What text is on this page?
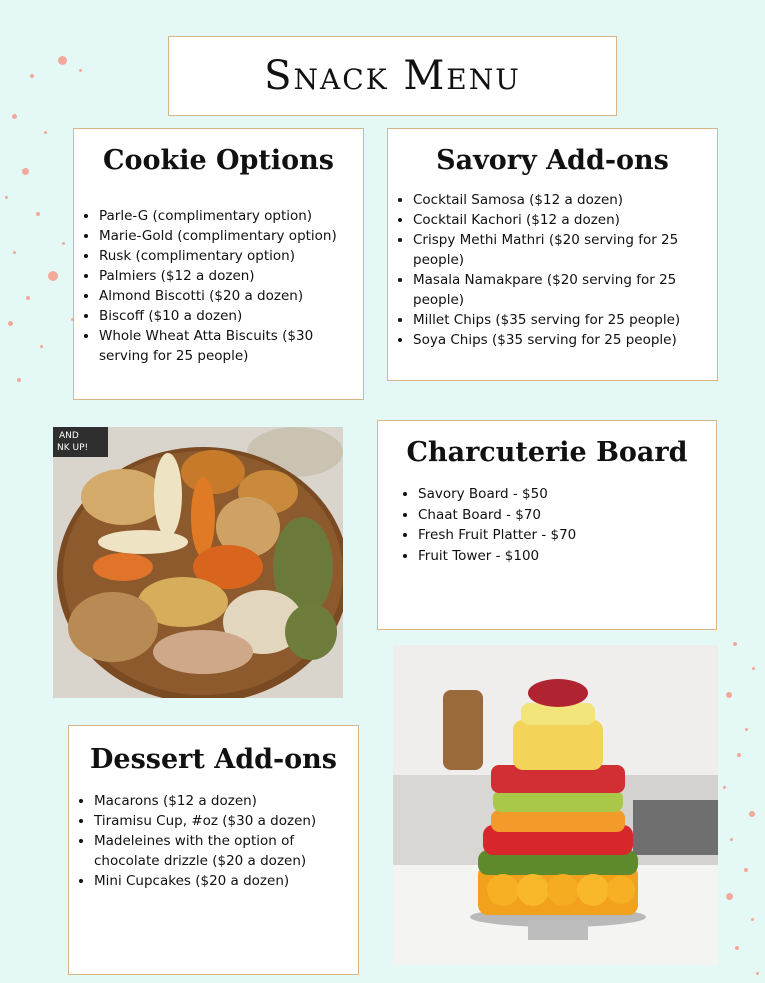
Snack Menu
Cookie Options
• Parle-G (complimentary option)
• Marie-Gold (complimentary option)
• Rusk (complimentary option)
• Palmiers ($12 a dozen)
• Almond Biscotti ($20 a dozen)
• Biscoff ($10 a dozen)
• Whole Wheat Atta Biscuits ($30 serving for 25 people)
Savory Add-ons
• Cocktail Samosa ($12 a dozen)
• Cocktail Kachori ($12 a dozen)
• Crispy Methi Mathri ($20 serving for 25 people)
• Masala Namakpare ($20 serving for 25 people)
• Millet Chips ($35 serving for 25 people)
• Soya Chips ($35 serving for 25 people)
AND
NK UP!	Charcuterie Board
• Savory Board - $50
• Chaat Board - $70
• Fresh Fruit Platter - $70
• Fruit Tower - $100
Dessert Add-ons
• Macarons ($12 a dozen)
• Tiramisu Cup, #oz ($30 a dozen)
• Madeleines with the option of chocolate drizzle ($20 a dozen)
• Mini Cupcakes ($20 a dozen)
